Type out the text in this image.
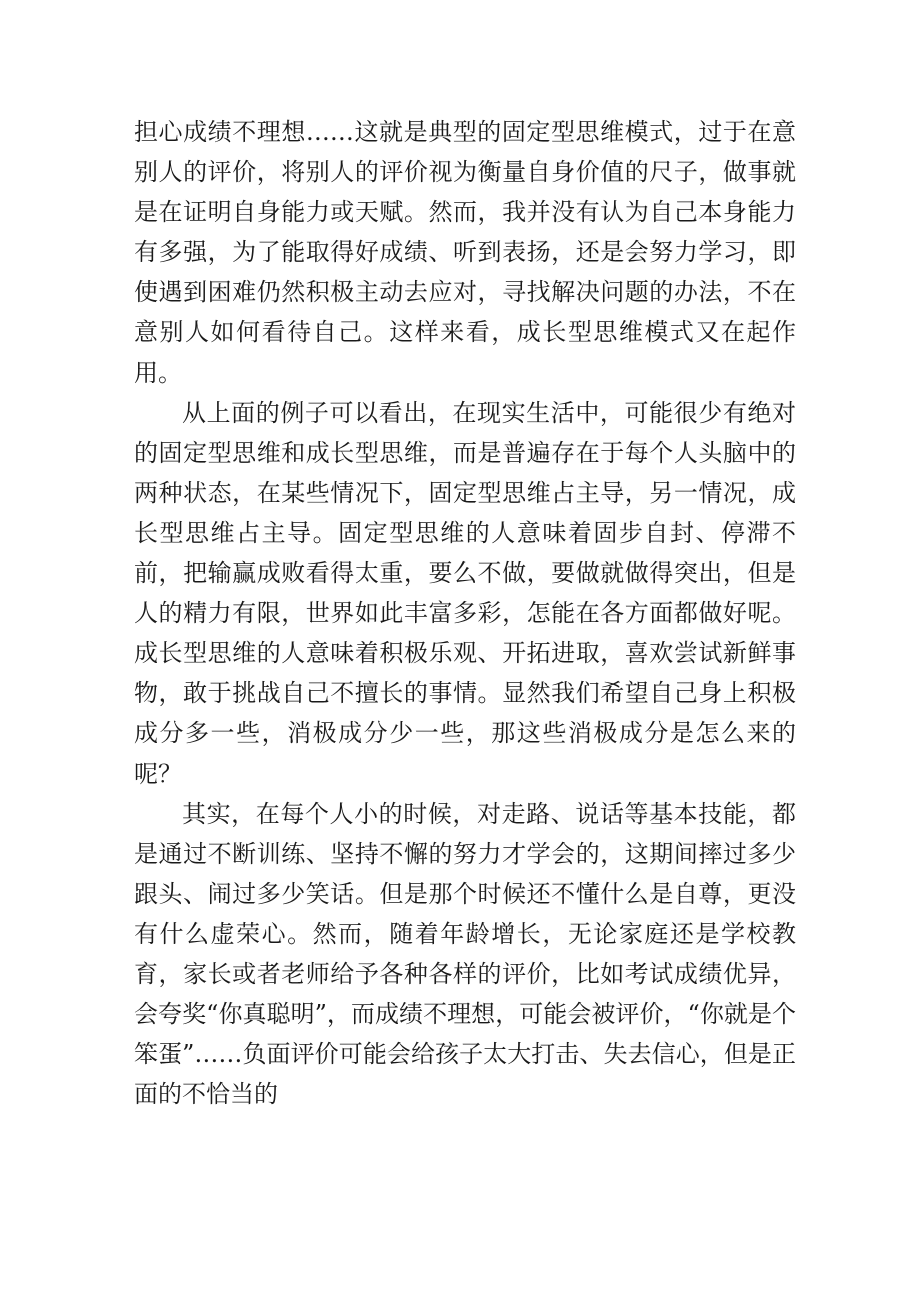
担心成绩不理想……这就是典型的固定型思维模式，过于在意别人的评价，将别人的评价视为衡量自身价值的尺子，做事就是在证明自身能力或天赋。然而，我并没有认为自己本身能力有多强，为了能取得好成绩、听到表扬，还是会努力学习，即使遇到困难仍然积极主动去应对，寻找解决问题的办法，不在意别人如何看待自己。这样来看，成长型思维模式又在起作用。

从上面的例子可以看出，在现实生活中，可能很少有绝对的固定型思维和成长型思维，而是普遍存在于每个人头脑中的两种状态，在某些情况下，固定型思维占主导，另一情况，成长型思维占主导。固定型思维的人意味着固步自封、停滞不前，把输赢成败看得太重，要么不做，要做就做得突出，但是人的精力有限，世界如此丰富多彩，怎能在各方面都做好呢。成长型思维的人意味着积极乐观、开拓进取，喜欢尝试新鲜事物，敢于挑战自己不擅长的事情。显然我们希望自己身上积极成分多一些，消极成分少一些，那这些消极成分是怎么来的呢？

其实，在每个人小的时候，对走路、说话等基本技能，都是通过不断训练、坚持不懈的努力才学会的，这期间摔过多少跟头、闹过多少笑话。但是那个时候还不懂什么是自尊，更没有什么虚荣心。然而，随着年龄增长，无论家庭还是学校教育，家长或者老师给予各种各样的评价，比如考试成绩优异，会夸奖“你真聪明”，而成绩不理想，可能会被评价，“你就是个笨蛋”……负面评价可能会给孩子太大打击、失去信心，但是正面的不恰当的
